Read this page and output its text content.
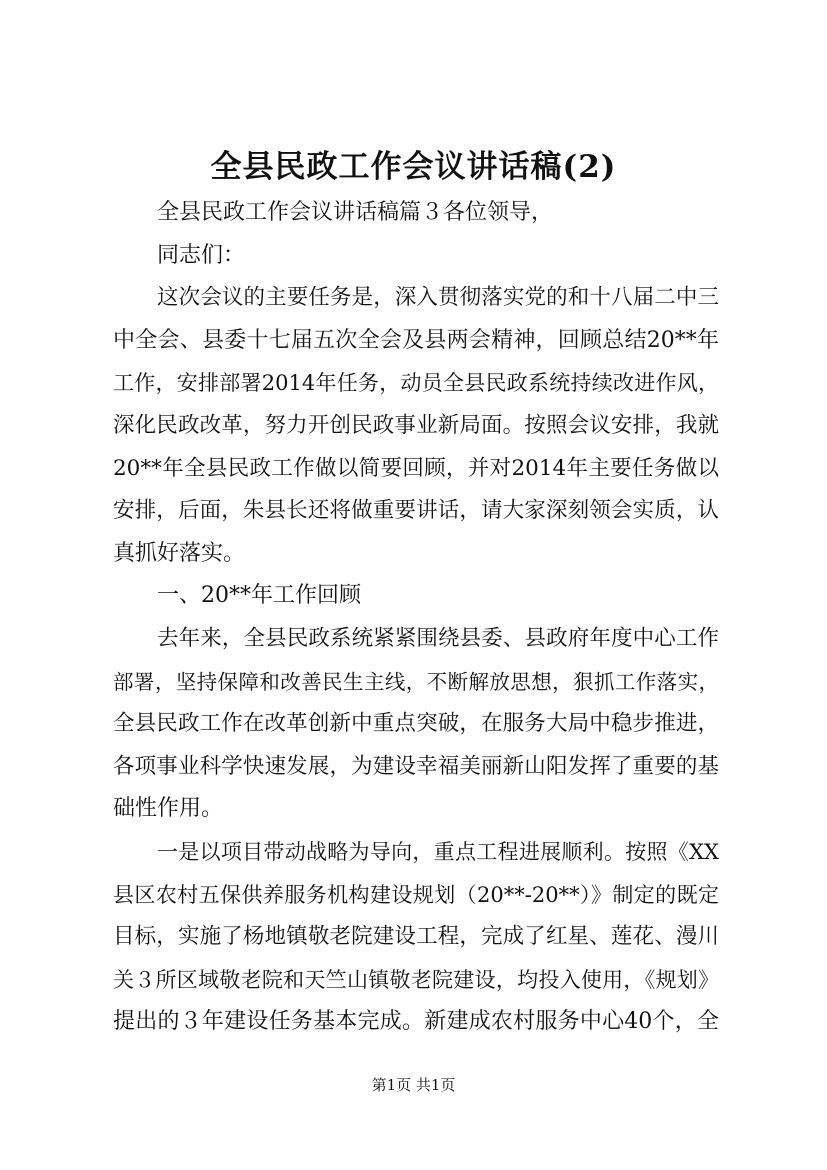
全县民政工作会议讲话稿(2)
全县民政工作会议讲话稿篇３各位领导，
同志们：
这次会议的主要任务是，深入贯彻落实党的和十八届二中三
中全会、县委十七届五次全会及县两会精神，回顾总结20**年
工作，安排部署2014年任务，动员全县民政系统持续改进作风，
深化民政改革，努力开创民政事业新局面。按照会议安排，我就
20**年全县民政工作做以简要回顾，并对2014年主要任务做以
安排，后面，朱县长还将做重要讲话，请大家深刻领会实质，认
真抓好落实。
一、20**年工作回顾
去年来，全县民政系统紧紧围绕县委、县政府年度中心工作
部署，坚持保障和改善民生主线，不断解放思想，狠抓工作落实，
全县民政工作在改革创新中重点突破，在服务大局中稳步推进，
各项事业科学快速发展，为建设幸福美丽新山阳发挥了重要的基
础性作用。
一是以项目带动战略为导向，重点工程进展顺利。按照《XX
县区农村五保供养服务机构建设规划（20**-20**）》制定的既定
目标，实施了杨地镇敬老院建设工程，完成了红星、莲花、漫川
关３所区域敬老院和天竺山镇敬老院建设，均投入使用，《规划》
提出的３年建设任务基本完成。新建成农村服务中心40个，全
第1页 共1页
